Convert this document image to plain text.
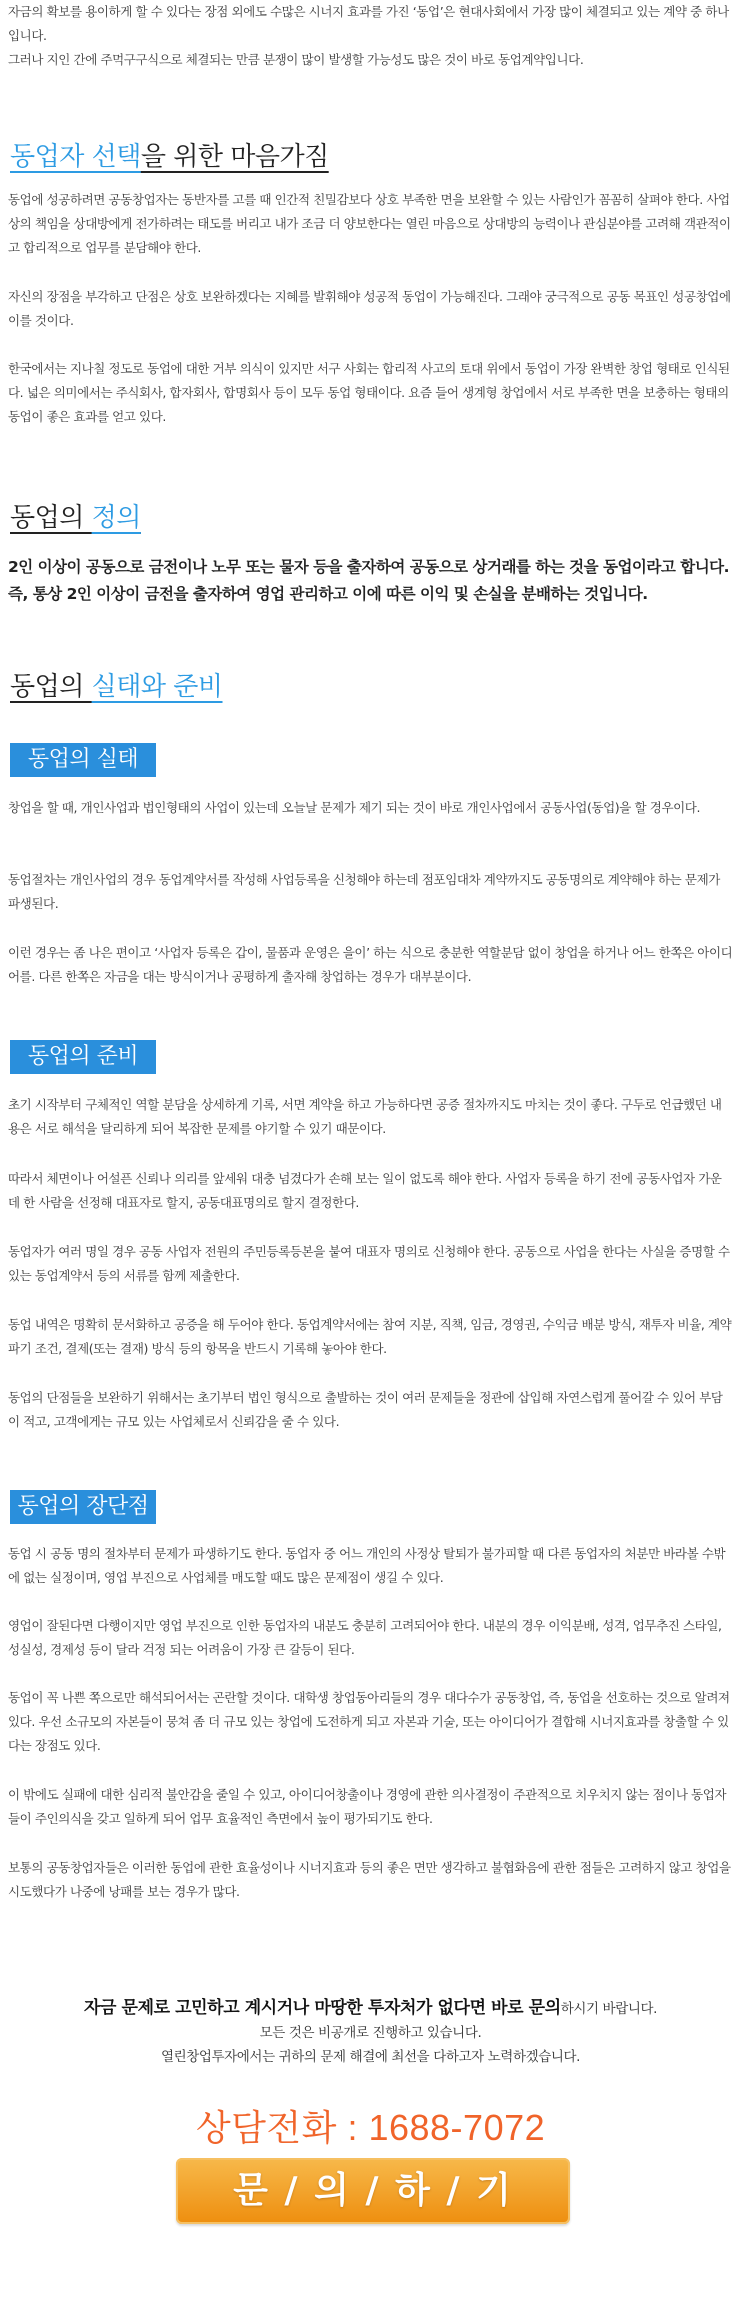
자금의 확보를 용이하게 할 수 있다는 장점 외에도 수많은 시너지 효과를 가진 ‘동업’은 현대사회에서 가장 많이 체결되고 있는 계약 중 하나입니다.
그러나 지인 간에 주먹구구식으로 체결되는 만큼 분쟁이 많이 발생할 가능성도 많은 것이 바로 동업계약입니다.

동업자 선택을 위한 마음가짐

동업에 성공하려면 공동창업자는 동반자를 고를 때 인간적 친밀감보다 상호 부족한 면을 보완할 수 있는 사람인가 꼼꼼히 살펴야 한다. 사업상의 책임을 상대방에게 전가하려는 태도를 버리고 내가 조금 더 양보한다는 열린 마음으로 상대방의 능력이나 관심분야를 고려해 객관적이고 합리적으로 업무를 분담해야 한다.

자신의 장점을 부각하고 단점은 상호 보완하겠다는 지혜를 발휘해야 성공적 동업이 가능해진다. 그래야 궁극적으로 공동 목표인 성공창업에 이를 것이다.

한국에서는 지나칠 정도로 동업에 대한 거부 의식이 있지만 서구 사회는 합리적 사고의 토대 위에서 동업이 가장 완벽한 창업 형태로 인식된다. 넓은 의미에서는 주식회사, 합자회사, 합명회사 등이 모두 동업 형태이다. 요즘 들어 생계형 창업에서 서로 부족한 면을 보충하는 형태의 동업이 좋은 효과를 얻고 있다.

동업의 정의

2인 이상이 공동으로 금전이나 노무 또는 물자 등을 출자하여 공동으로 상거래를 하는 것을 동업이라고 합니다.
즉, 통상 2인 이상이 금전을 출자하여 영업 관리하고 이에 따른 이익 및 손실을 분배하는 것입니다.

동업의 실태와 준비
동업의 실태

창업을 할 때, 개인사업과 법인형태의 사업이 있는데 오늘날 문제가 제기 되는 것이 바로 개인사업에서 공동사업(동업)을 할 경우이다.

동업절차는 개인사업의 경우 동업계약서를 작성해 사업등록을 신청해야 하는데 점포임대차 계약까지도 공동명의로 계약해야 하는 문제가 파생된다.

이런 경우는 좀 나은 편이고 ‘사업자 등록은 갑이, 물품과 운영은 을이’ 하는 식으로 충분한 역할분담 없이 창업을 하거나 어느 한쪽은 아이디어를. 다른 한쪽은 자금을 대는 방식이거나 공평하게 출자해 창업하는 경우가 대부분이다.

동업의 준비

초기 시작부터 구체적인 역할 분담을 상세하게 기록, 서면 계약을 하고 가능하다면 공증 절차까지도 마치는 것이 좋다. 구두로 언급했던 내용은 서로 해석을 달리하게 되어 복잡한 문제를 야기할 수 있기 때문이다.

따라서 체면이나 어설픈 신뢰나 의리를 앞세워 대충 넘겼다가 손해 보는 일이 없도록 해야 한다. 사업자 등록을 하기 전에 공동사업자 가운데 한 사람을 선정해 대표자로 할지, 공동대표명의로 할지 결정한다.

동업자가 여러 명일 경우 공동 사업자 전원의 주민등록등본을 붙여 대표자 명의로 신청해야 한다. 공동으로 사업을 한다는 사실을 증명할 수 있는 동업계약서 등의 서류를 함께 제출한다.

동업 내역은 명확히 문서화하고 공증을 해 두어야 한다. 동업계약서에는 참여 지분, 직책, 임금, 경영권, 수익금 배분 방식, 재투자 비율, 계약파기 조건, 결제(또는 결재) 방식 등의 항목을 반드시 기록해 놓아야 한다.

동업의 단점들을 보완하기 위해서는 초기부터 법인 형식으로 출발하는 것이 여러 문제들을 정관에 삽입해 자연스럽게 풀어갈 수 있어 부담이 적고, 고객에게는 규모 있는 사업체로서 신뢰감을 줄 수 있다.

동업의 장단점

동업 시 공동 명의 절차부터 문제가 파생하기도 한다. 동업자 중 어느 개인의 사정상 탈퇴가 불가피할 때 다른 동업자의 처분만 바라볼 수밖에 없는 실정이며, 영업 부진으로 사업체를 매도할 때도 많은 문제점이 생길 수 있다.

영업이 잘된다면 다행이지만 영업 부진으로 인한 동업자의 내분도 충분히 고려되어야 한다. 내분의 경우 이익분배, 성격, 업무추진 스타일, 성실성, 경제성 등이 달라 걱정 되는 어려움이 가장 큰 갈등이 된다.

동업이 꼭 나쁜 쪽으로만 해석되어서는 곤란할 것이다. 대학생 창업동아리들의 경우 대다수가 공동창업, 즉, 동업을 선호하는 것으로 알려져 있다. 우선 소규모의 자본들이 뭉쳐 좀 더 규모 있는 창업에 도전하게 되고 자본과 기술, 또는 아이디어가 결합해 시너지효과를 창출할 수 있다는 장점도 있다.

이 밖에도 실패에 대한 심리적 불안감을 줄일 수 있고, 아이디어창출이나 경영에 관한 의사결정이 주관적으로 치우치지 않는 점이나 동업자들이 주인의식을 갖고 일하게 되어 업무 효율적인 측면에서 높이 평가되기도 한다.

보통의 공동창업자들은 이러한 동업에 관한 효율성이나 시너지효과 등의 좋은 면만 생각하고 불협화음에 관한 점들은 고려하지 않고 창업을 시도했다가 나중에 낭패를 보는 경우가 많다.

자금 문제로 고민하고 계시거나 마땅한 투자처가 없다면 바로 문의하시기 바랍니다.

모든 것은 비공개로 진행하고 있습니다.

열린창업투자에서는 귀하의 문제 해결에 최선을 다하고자 노력하겠습니다.

상담전화 : 1688-7072
문 / 의 / 하 / 기
